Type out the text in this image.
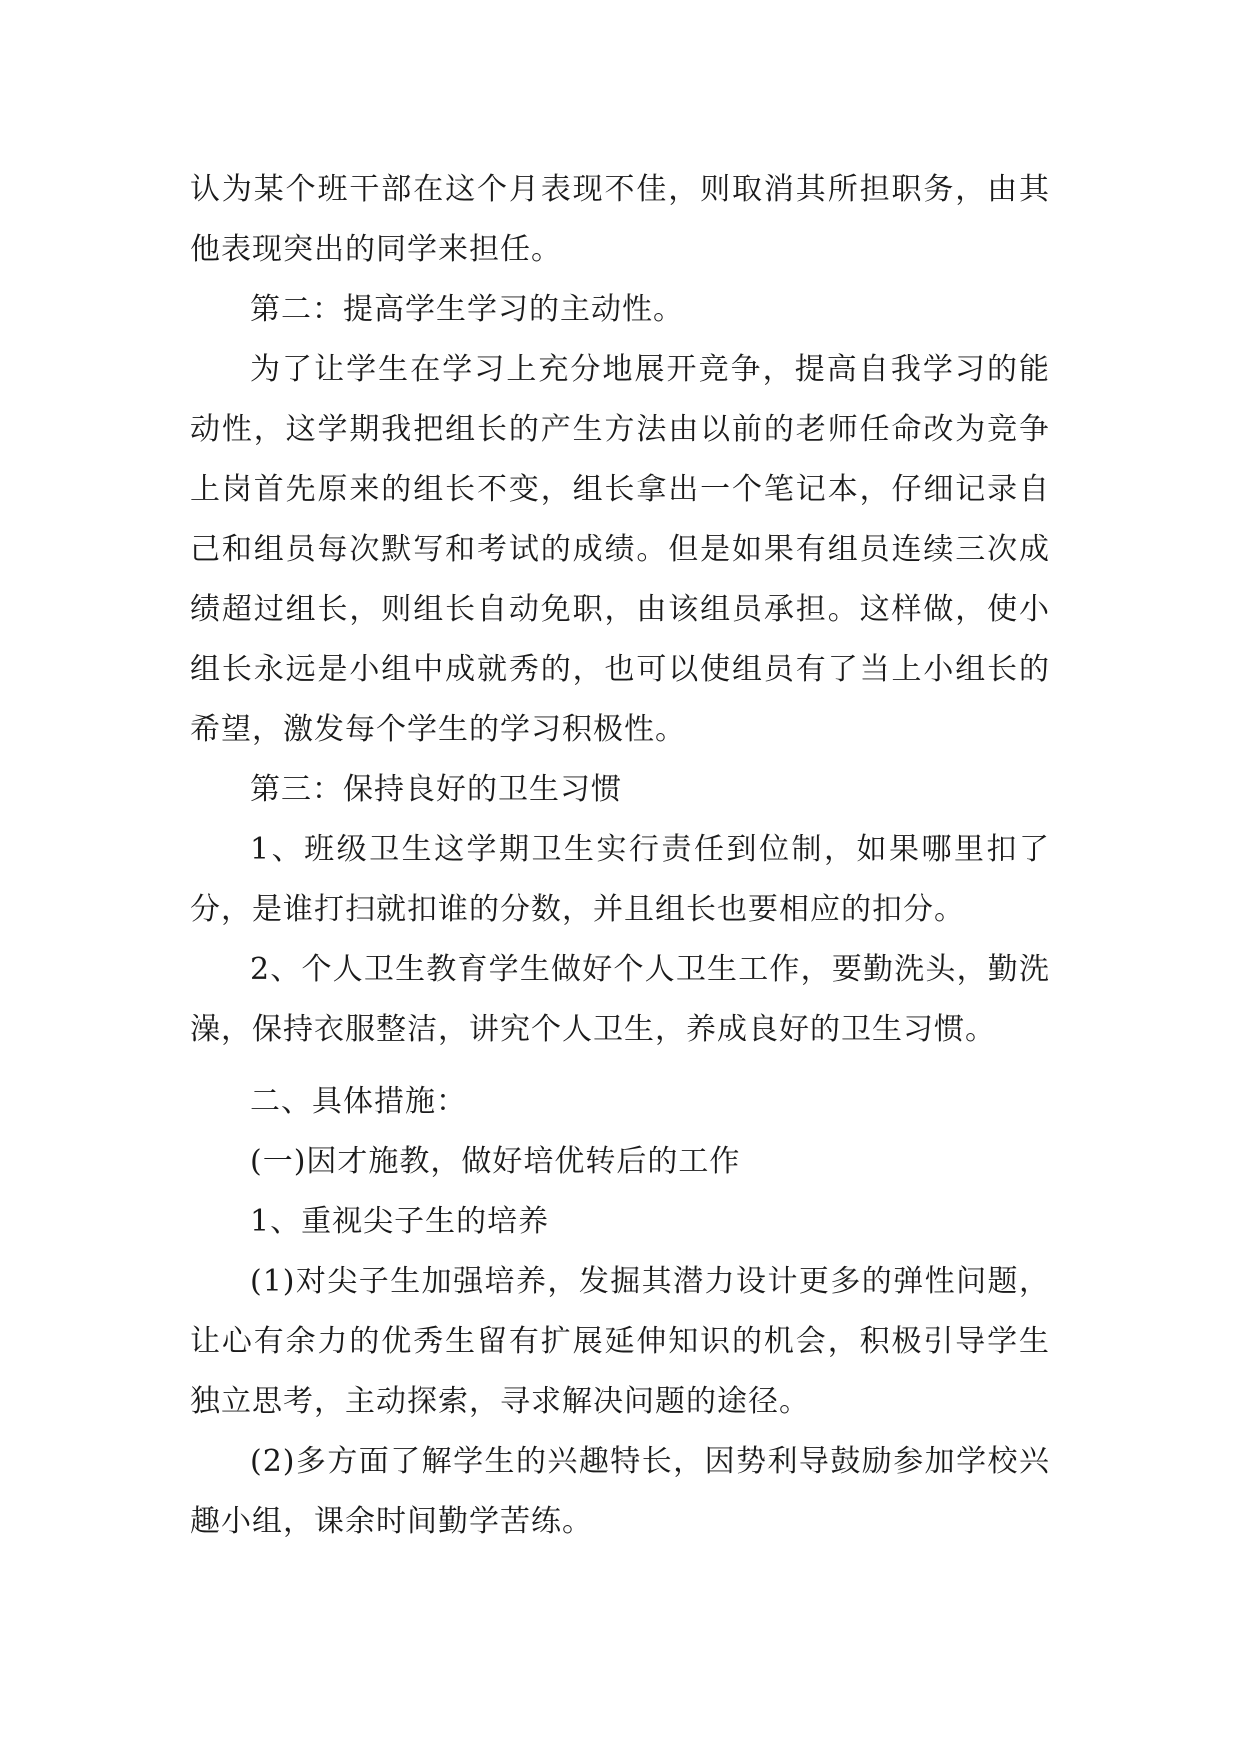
认为某个班干部在这个月表现不佳，则取消其所担职务，由其他表现突出的同学来担任。

第二：提高学生学习的主动性。

为了让学生在学习上充分地展开竞争，提高自我学习的能动性，这学期我把组长的产生方法由以前的老师任命改为竞争上岗首先原来的组长不变，组长拿出一个笔记本，仔细记录自己和组员每次默写和考试的成绩。但是如果有组员连续三次成绩超过组长，则组长自动免职，由该组员承担。这样做，使小组长永远是小组中成就秀的，也可以使组员有了当上小组长的希望，激发每个学生的学习积极性。

第三：保持良好的卫生习惯

1、班级卫生这学期卫生实行责任到位制，如果哪里扣了分，是谁打扫就扣谁的分数，并且组长也要相应的扣分。

2、个人卫生教育学生做好个人卫生工作，要勤洗头，勤洗澡，保持衣服整洁，讲究个人卫生，养成良好的卫生习惯。

二、具体措施：

(一)因才施教，做好培优转后的工作

1、重视尖子生的培养

(1)对尖子生加强培养，发掘其潜力设计更多的弹性问题，让心有余力的优秀生留有扩展延伸知识的机会，积极引导学生独立思考，主动探索，寻求解决问题的途径。

(2)多方面了解学生的兴趣特长，因势利导鼓励参加学校兴趣小组，课余时间勤学苦练。
